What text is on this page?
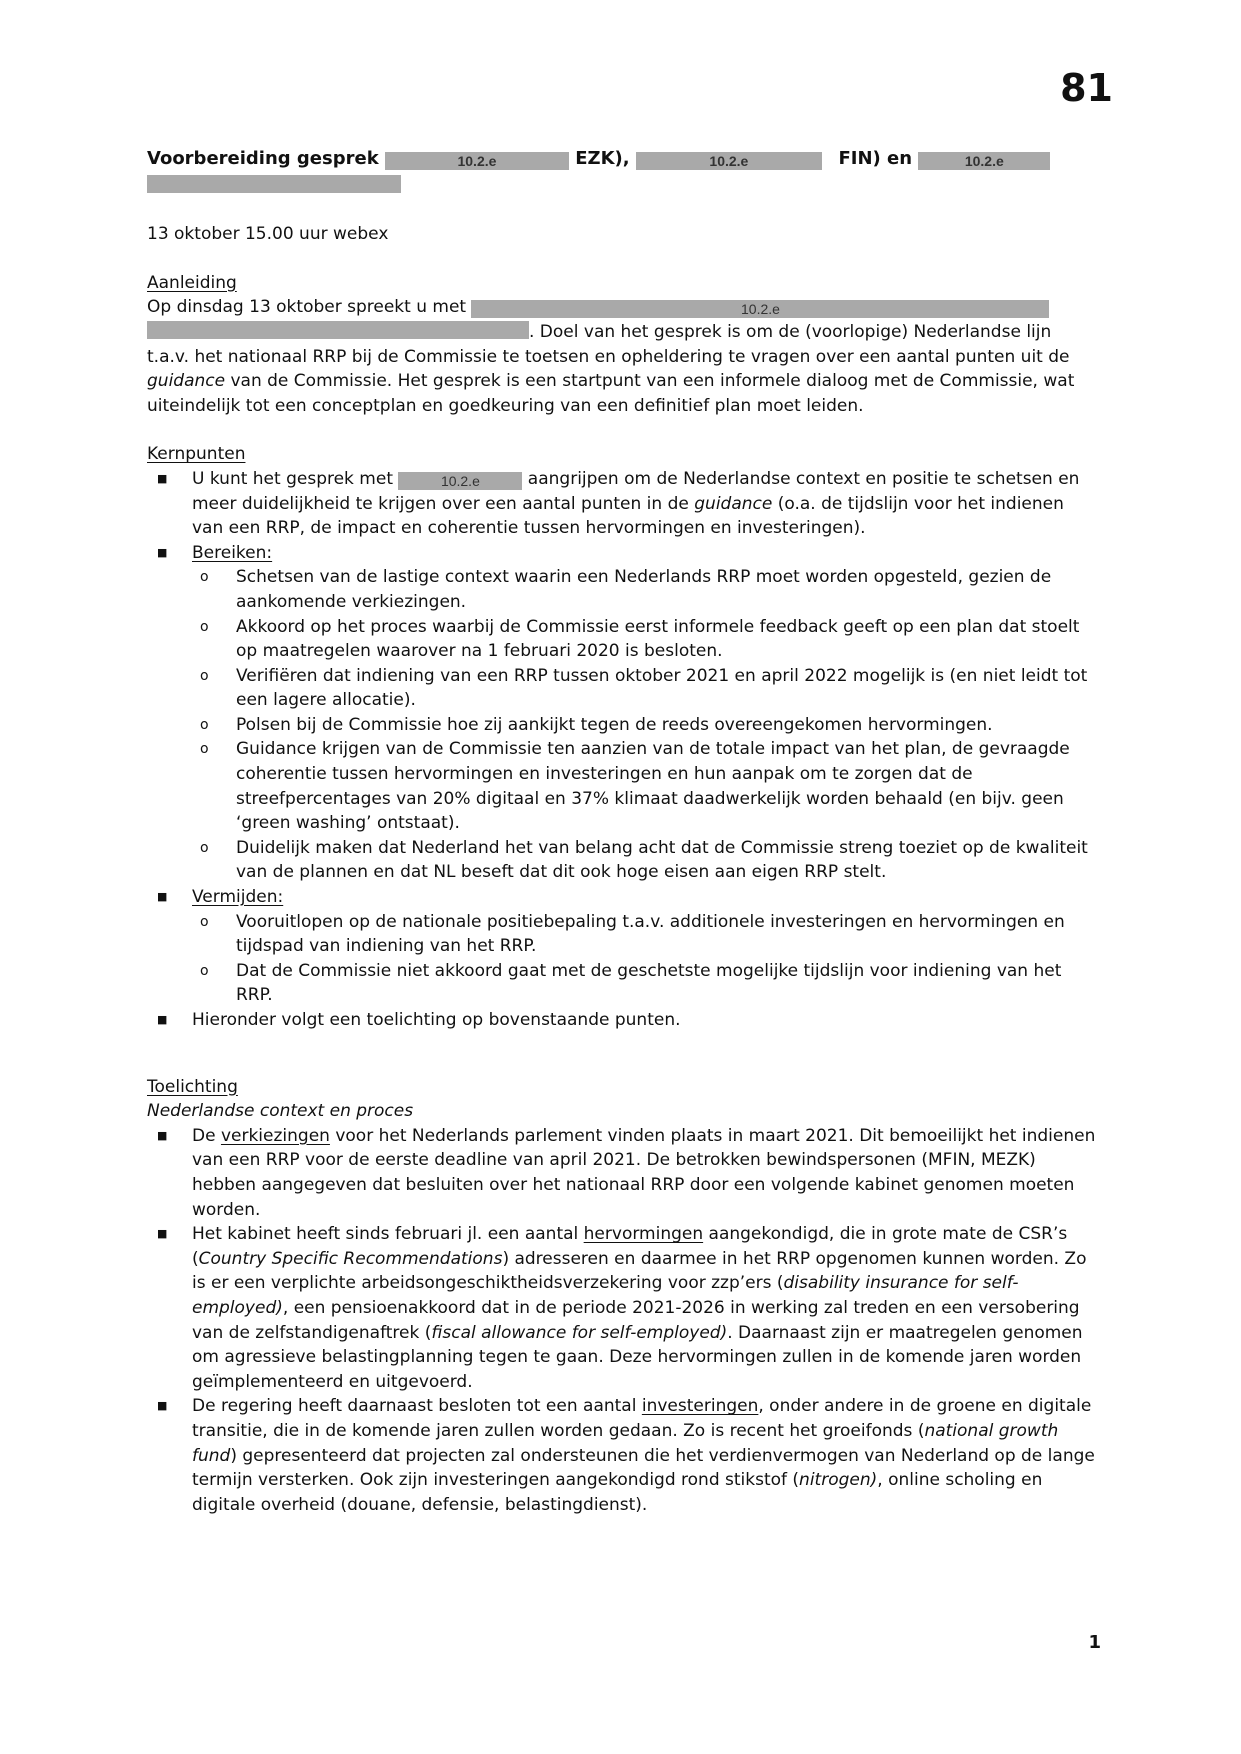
81
Voorbereiding gesprek	10.2.e	EZK),	10.2.e	FIN) en	10.2.e
13 oktober 15.00 uur webex
Aanleiding
Op dinsdag 13 oktober spreekt u met	10.2.e
. Doel van het gesprek is om de (voorlopige) Nederlandse lijn t.a.v. het nationaal RRP bij de Commissie te toetsen en opheldering te vragen over een aantal punten uit de guidance van de Commissie. Het gesprek is een startpunt van een informele dialoog met de Commissie, wat uiteindelijk tot een conceptplan en goedkeuring van een definitief plan moet leiden.
Kernpunten
■ U kunt het gesprek met	10.2.e	aangrijpen om de Nederlandse context en positie te schetsen en meer duidelijkheid te krijgen over een aantal punten in de guidance (o.a. de tijdslijn voor het indienen van een RRP, de impact en coherentie tussen hervormingen en investeringen).
■ Bereiken:
o Schetsen van de lastige context waarin een Nederlands RRP moet worden opgesteld, gezien de aankomende verkiezingen.
o Akkoord op het proces waarbij de Commissie eerst informele feedback geeft op een plan dat stoelt op maatregelen waarover na 1 februari 2020 is besloten.
o Verifiëren dat indiening van een RRP tussen oktober 2021 en april 2022 mogelijk is (en niet leidt tot een lagere allocatie).
o Polsen bij de Commissie hoe zij aankijkt tegen de reeds overeengekomen hervormingen.
o Guidance krijgen van de Commissie ten aanzien van de totale impact van het plan, de gevraagde coherentie tussen hervormingen en investeringen en hun aanpak om te zorgen dat de streefpercentages van 20% digitaal en 37% klimaat daadwerkelijk worden behaald (en bijv. geen ‘green washing’ ontstaat).
o Duidelijk maken dat Nederland het van belang acht dat de Commissie streng toeziet op de kwaliteit van de plannen en dat NL beseft dat dit ook hoge eisen aan eigen RRP stelt.
■ Vermijden:
o Vooruitlopen op de nationale positiebepaling t.a.v. additionele investeringen en hervormingen en tijdspad van indiening van het RRP.
o Dat de Commissie niet akkoord gaat met de geschetste mogelijke tijdslijn voor indiening van het RRP.
■ Hieronder volgt een toelichting op bovenstaande punten.
Toelichting
Nederlandse context en proces
■ De verkiezingen voor het Nederlands parlement vinden plaats in maart 2021. Dit bemoeilijkt het indienen van een RRP voor de eerste deadline van april 2021. De betrokken bewindspersonen (MFIN, MEZK) hebben aangegeven dat besluiten over het nationaal RRP door een volgende kabinet genomen moeten worden.
■ Het kabinet heeft sinds februari jl. een aantal hervormingen aangekondigd, die in grote mate de CSR’s (Country Specific Recommendations) adresseren en daarmee in het RRP opgenomen kunnen worden. Zo is er een verplichte arbeidsongeschiktheidsverzekering voor zzp’ers (disability insurance for self-employed), een pensioenakkoord dat in de periode 2021-2026 in werking zal treden en een versobering van de zelfstandigenaftrek (fiscal allowance for self-employed). Daarnaast zijn er maatregelen genomen om agressieve belastingplanning tegen te gaan. Deze hervormingen zullen in de komende jaren worden geïmplementeerd en uitgevoerd.
■ De regering heeft daarnaast besloten tot een aantal investeringen, onder andere in de groene en digitale transitie, die in de komende jaren zullen worden gedaan. Zo is recent het groeifonds (national growth fund) gepresenteerd dat projecten zal ondersteunen die het verdienvermogen van Nederland op de lange termijn versterken. Ook zijn investeringen aangekondigd rond stikstof (nitrogen), online scholing en digitale overheid (douane, defensie, belastingdienst).
1
